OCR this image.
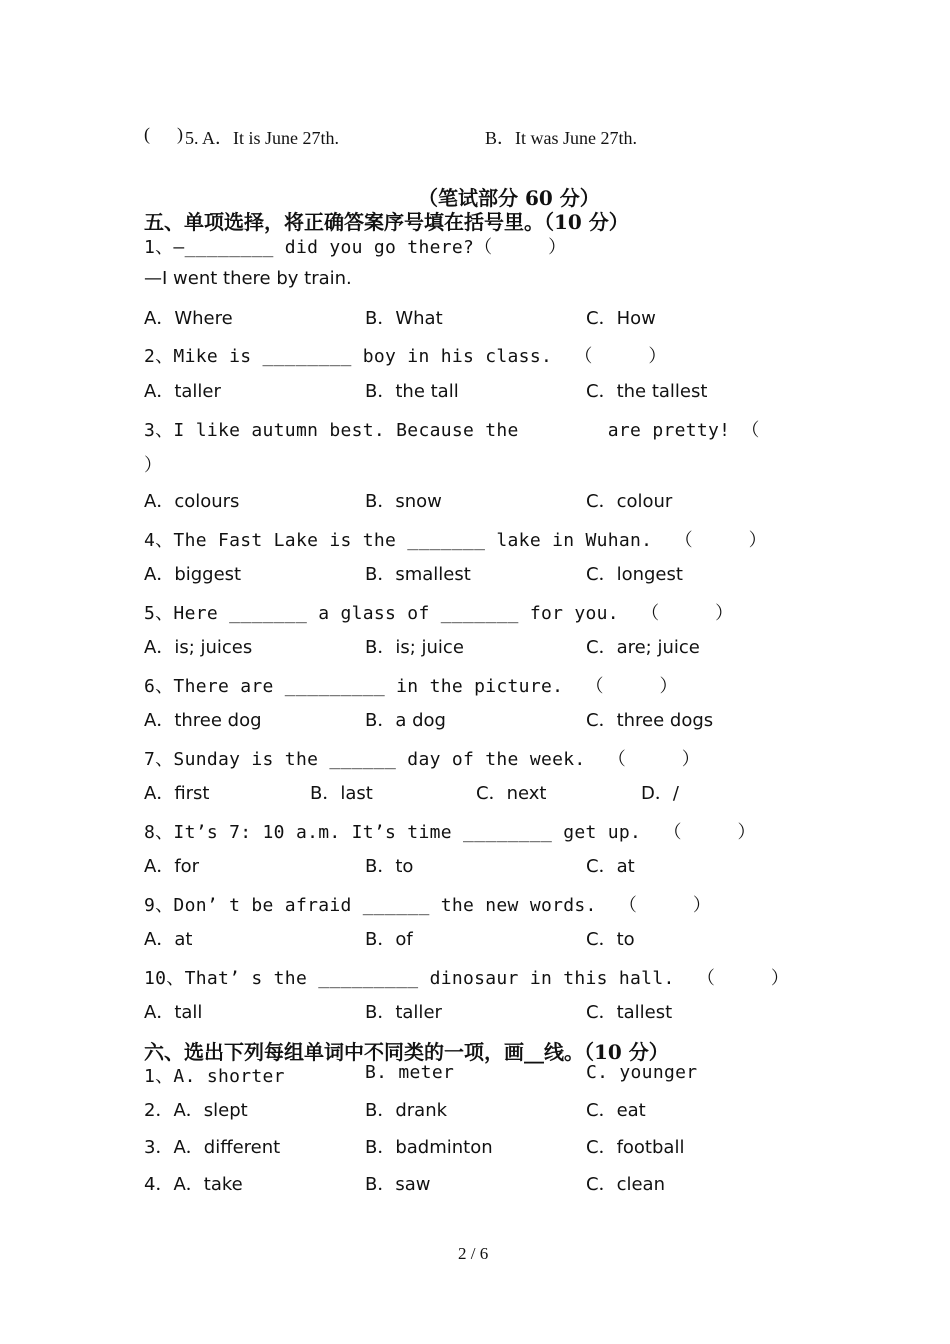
(      ) 5. A．It is June 27th.	B．It was June 27th.
（笔试部分 60 分）
五、单项选择，将正确答案序号填在括号里。（10 分）
1、—________ did you go there?（     ）
—I went there by train.
A．Where	B．What	C．How
2、Mike is ________ boy in his class.  （     ）
A．taller	B．the tall	C．the tallest
3、I like autumn best. Because the        are pretty! （
）
A．colours	B．snow	C．colour
4、The Fast Lake is the _______ lake in Wuhan.  （     ）
A．biggest	B．smallest	C．longest
5、Here _______ a glass of _______ for you.  （     ）
A．is; juices	B．is; juice	C．are; juice
6、There are _________ in the picture.  （     ）
A．three dog	B．a dog	C．three dogs
7、Sunday is the ______ day of the week.  （     ）
A．first	B．last	C．next	D．/
8、It’s 7: 10 a.m. It’s time ________ get up.  （     ）
A．for	B．to	C．at
9、Don’ t be afraid ______ the new words.  （     ）
A．at	B．of	C．to
10、That’ s the _________ dinosaur in this hall.  （     ）
A．tall	B．taller	C．tallest
六、选出下列每组单词中不同类的一项，画__线。（10 分）
1、A. shorter	B. meter	C. younger
2．A．slept	B．drank	C．eat
3．A．different	B．badminton	C．football
4．A．take	B．saw	C．clean
2 / 6
